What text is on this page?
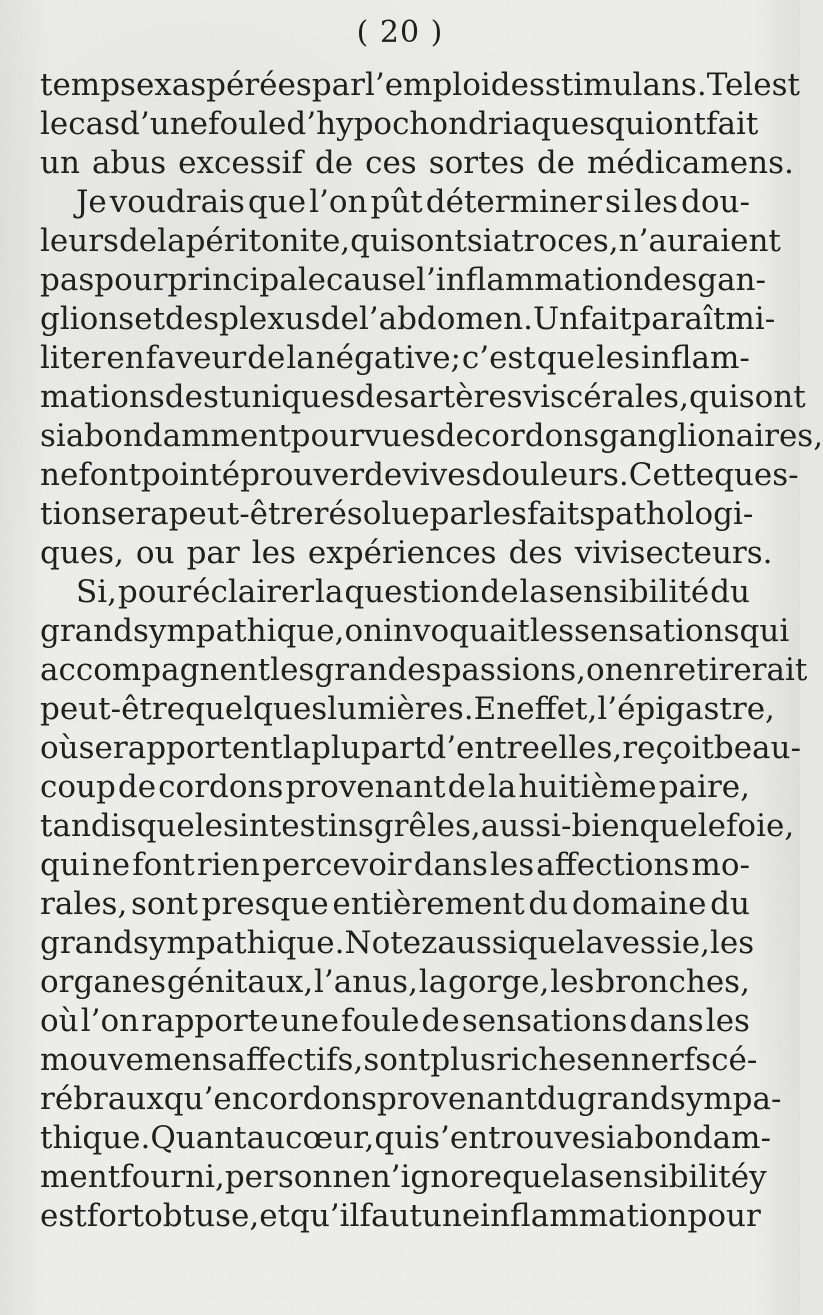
( 20 )
temps exaspérées par l’emploi des stimulans. Tel est
le cas d’une foule d’hypochondriaques qui ont fait
un abus excessif de ces sortes de médicamens.
Je voudrais que l’on pût déterminer si les dou-
leurs de la péritonite, qui sont si atroces, n’auraient
pas pour principale cause l’inflammation des gan-
glions et des plexus de l’abdomen. Un fait paraît mi-
liter en faveur de la négative; c’est que les inflam-
mations des tuniques des artères viscérales, qui sont
si abondamment pourvues de cordons ganglionaires,
ne font point éprouver de vives douleurs. Cette ques-
tion sera peut-être résolue par les faits pathologi-
ques, ou par les expériences des vivisecteurs.
Si, pour éclairer la question de la sensibilité du
grand sympathique, on invoquait les sensations qui
accompagnent les grandes passions, on en retirerait
peut-être quelques lumières. En effet, l’épigastre,
où se rapportent la plupart d’entre elles, reçoit beau-
coup de cordons provenant de la huitième paire,
tandis que les intestins grêles, aussi-bien que le foie,
qui ne font rien percevoir dans les affections mo-
rales, sont presque entièrement du domaine du
grand sympathique. Notez aussi que la vessie, les
organes génitaux, l’anus, la gorge, les bronches,
où l’on rapporte une foule de sensations dans les
mouvemens affectifs, sont plus riches en nerfs cé-
rébraux qu’en cordons provenant du grand sympa-
thique. Quant au cœur, qui s’en trouve si abondam-
ment fourni, personne n’ignore que la sensibilité y
est fort obtuse, et qu’il faut une inflammation pour
